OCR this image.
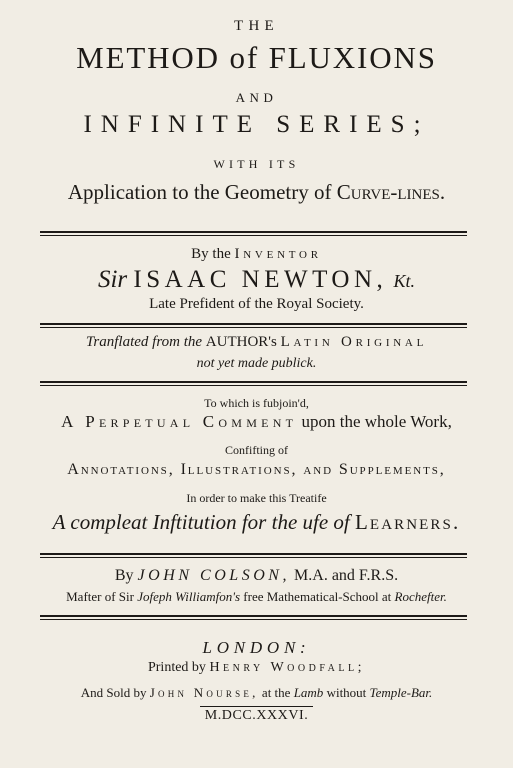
THE
METHOD of FLUXIONS
AND
INFINITE SERIES;
WITH ITS
Application to the Geometry of Curve-lines.
By the Inventor
Sir ISAAC NEWTON, Kt.
Late Prefident of the Royal Society.
Tranflated from the AUTHOR's Latin Original
not yet made publick.
To which is fubjoin'd,
A Perpetual Comment upon the whole Work,
Confifting of
Annotations, Illustrations, and Supplements,
In order to make this Treatife
A compleat Inftitution for the ufe of Learners.
By JOHN COLSON, M.A. and F.R.S.
Mafter of Sir Jofeph Williamfon's free Mathematical-School at Rochefter.
LONDON:
Printed by Henry Woodfall;
And Sold by John Nourse, at the Lamb without Temple-Bar.
M.DCC.XXXVI.
